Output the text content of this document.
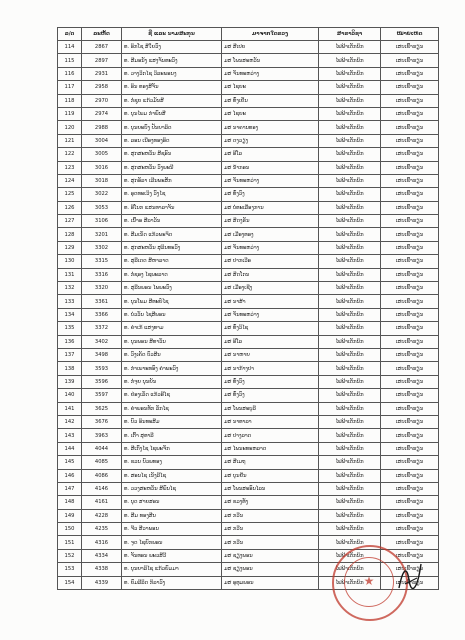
ລ/ດ	ລະຫັດ	ຊື່ ແລະ ນາມສະກຸນ	ມາຈາກໃດຂວງ	ສາຂາວິຊາ	ໝາຍເຫດ
114	2867	ທ. ອິກໂຊ ສີໃຍວົງ	ມສ ສີເປຍ	ໄຟຟ້າເຕັກນິກ	ເສບເຂົ້າຮຽນ
115	2897	ທ. ສີມອນັງ ແສງຈັນທະວົງ	ມສ ໂພນສະຫວັນ	ໄຟຟ້າເຕັກນິກ	ເສບເຂົ້າຮຽນ
116	2931	ທ. ວາງວິກໄຊ ວິລະພອນງ	ມສ ຈັນທະຫວ່າງ	ໄຟຟ້າເຕັກນິກ	ເສບເຂົ້າຮຽນ
117	2958	ທ. ອິນ ທອງສີຈັນ	ມສ ໄຊຍະ	ໄຟຟ້າເຕັກນິກ	ເສບເຂົ້າຮຽນ
118	2970	ທ. ກໍ່ຊຸຍ ແກ້ວມັນສີ	ມສ ທົ່ງເຢັນ	ໄຟຟ້າເຕັກນິກ	ເສບເຂົ້າຮຽນ
119	2974	ທ. ບຸນໄພມ ກໍາພົນສີ	ມສ ໄຊຍະ	ໄຟຟ້າເຕັກນິກ	ເສບເຂົ້າຮຽນ
120	2988	ທ. ບຸນຍະບົງ ປັນຍາລິດ	ມສ ນາຄານທອງ	ໄຟຟ້າເຕັກນິກ	ເສບເຂົ້າຮຽນ
121	3004	ທ. ລອນ ເນີອງທອງອິດ	ມສ ດງວຽງ	ໄຟຟ້າເຕັກນິກ	ເສບເຂົ້າຮຽນ
122	3005	ທ. ສຸກສະຫວັນ ສີຊອົນ	ມສ ອີໂລ	ໄຟຟ້າເຕັກນິກ	ເສບເຂົ້າຮຽນ
123	3016	ທ. ສຸກສະຫວັນ ວົງພະນີ	ມສ ນ້ຳກອນ	ໄຟຟ້າເຕັກນິກ	ເສບເຂົ້າຮຽນ
124	3018	ທ. ສຸກອັລາ ເລີນພະສັກ	ມສ ຈັນທະຫວ່າງ	ໄຟຟ້າເຕັກນິກ	ເສບເຂົ້າຮຽນ
125	3022	ທ. ອຸດທະເວິງ ວົງໄຊ	ມສ ທົ່ງວົງ	ໄຟຟ້າເຕັກນິກ	ເສບເຂົ້າຮຽນ
126	3053	ທ. ອີໂນກ ແສນທາລາຈັນ	ມສ ບໍ່ທະເລືອງການ	ໄຟຟ້າເຕັກນິກ	ເສບເຂົ້າຮຽນ
127	3106	ທ. ເນົ້າອ ສີລາວັນ	ມສ ສິດງຣັນ	ໄຟຟ້າເຕັກນິກ	ເສບເຂົ້າຮຽນ
128	3201	ທ. ສີມເນັດ ແກ້ວພະຈິດ	ມສ ເມືອງທອງ	ໄຟຟ້າເຕັກນິກ	ເສບເຂົ້າຮຽນ
129	3302	ທ. ສຸກສະຫວັນ ສຸລິນທະວົງ	ມສ ຈັນທະຫວ່າງ	ໄຟຟ້າເຕັກນິກ	ເສບເຂົ້າຮຽນ
130	3315	ທ. ສຸລີເດດ ສີຫາລາດ	ມສ ປາກເວີອ	ໄຟຟ້າເຕັກນິກ	ເສບເຂົ້າຮຽນ
131	3316	ທ. ກໍ່ຊອງ ໄຊພະລາດ	ມສ ສິດໂກນ	ໄຟຟ້າເຕັກນິກ	ເສບເຂົ້າຮຽນ
132	3320	ທ. ສຸລີນພອນ ໄພພະວົງ	ມສ ເມືອງເຊີງ	ໄຟຟ້າເຕັກນິກ	ເສບເຂົ້າຮຽນ
133	3361	ທ. ບຸນໂພມ ສີທະຍ໌ໄຊ	ມສ ນາສ້າ	ໄຟຟ້າເຕັກນິກ	ເສບເຂົ້າຮຽນ
134	3366	ທ. ບໍ່ວວັນ ໄຊສີພອນ	ມສ ຈັນທະຫວ່າງ	ໄຟຟ້າເຕັກນິກ	ເສບເຂົ້າຮຽນ
135	3372	ທ. ຄຳເກ້ ແສງທາມ	ມສ ທົ່ງວິໄຊ	ໄຟຟ້າເຕັກນິກ	ເສບເຂົ້າຮຽນ
136	3402	ທ. ບຸນພອນ ສີທາວັນ	ມສ ອີໂລ	ໄຟຟ້າເຕັກນິກ	ເສບເຂົ້າຮຽນ
137	3498	ທ. ວົງເຄັດ ບົວສີນ	ມສ ນາຫາຍ	ໄຟຟ້າເຕັກນິກ	ເສບເຂົ້າຮຽນ
138	3593	ທ. ກໍາເພາະທອົງ ຄຳພະວົງ	ມສ ນາກ້າງປາ	ໄຟຟ້າເຕັກນິກ	ເສບເຂົ້າຮຽນ
139	3596	ທ. ກໍ່ຈຸຍ ບຸນຍັນ	ມສ ທົ່ງວົງ	ໄຟຟ້າເຕັກນິກ	ເສບເຂົ້າຮຽນ
140	3597	ທ. ຢ່ອງເລັດ ແກ້ວອີໄຊ	ມສ ທົ່ງວົງ	ໄຟຟ້າເຕັກນິກ	ເສບເຂົ້າຮຽນ
141	3625	ທ. ຄຳພອນທັກ ລັກໄຊ	ມສ ໂພນສະບູລີ	ໄຟຟ້າເຕັກນິກ	ເສບເຂົ້າຮຽນ
142	3676	ທ. ບົວ ອິນທະສີມ	ມສ ນາທາລາ	ໄຟຟ້າເຕັກນິກ	ເສບເຂົ້າຮຽນ
143	3963	ທ. ເຕົ້າ ສຸທາລີ	ມສ ປາງລາດ	ໄຟຟ້າເຕັກນິກ	ເສບເຂົ້າຮຽນ
144	4044	ທ. ສີເກົ່ງໄຊ ໄຊພະຈັກ	ມສ ໄພນະທະຫລາດ	ໄຟຟ້າເຕັກນິກ	ເສບເຂົ້າຮຽນ
145	4085	ທ. ຂວນ ບົວພທອງ	ມສ ສີເມຖ	ໄຟຟ້າເຕັກນິກ	ເສບເຂົ້າຮຽນ
146	4086	ທ. ສອນໄຊ ເນັງລີໄຊ	ມສ ບຸນຍືນ	ໄຟຟ້າເຕັກນິກ	ເສບເຂົ້າຮຽນ
147	4146	ທ. ວວງສະຫວັນ ສີພົນໄຊ	ມສ ໂພນສະອົນໄລນ	ໄຟຟ້າເຕັກນິກ	ເສບເຂົ້າຮຽນ
148	4161	ທ. ບຸດ ສາຍສອນ	ມສ ຂວງທັງ	ໄຟຟ້າເຕັກນິກ	ເສບເຂົ້າຮຽນ
149	4228	ທ. ສີມ ທອງສີນ	ມສ ກວີນ	ໄຟຟ້າເຕັກນິກ	ເສບເຂົ້າຮຽນ
150	4235	ທ. ຈີວ ສີວາພອນ	ມສ ກວີນ	ໄຟຟ້າເຕັກນິກ	ເສບເຂົ້າຮຽນ
151	4316	ທ. ຈູດ ໄຊຍົກພອນ	ມສ ກວີນ	ໄຟຟ້າເຕັກນິກ	ເສບເຂົ້າຮຽນ
152	4334	ທ. ຈັນທອນ ພະວສີວີ	ມສ ຊຽງພອນ	ໄຟຟ້າເຕັກນິກ	ເສບເຂົ້າຮຽນ
153	4338	ທ. ບຸນຍາລິໄຊ ແກ້ວຍົມມາ	ມສ ຊຽງພອນ	ໄຟຟ້າເຕັກນິກ	ເສບເຂົ້າຮຽນ
154	4339	ທ. ຍົມລີລິດ ກິລາວົງ	ມສ ອຸທຸມພອນ	ໄຟຟ້າເຕັກນິກ	ເສບເຂົ້າຮຽນ
★
